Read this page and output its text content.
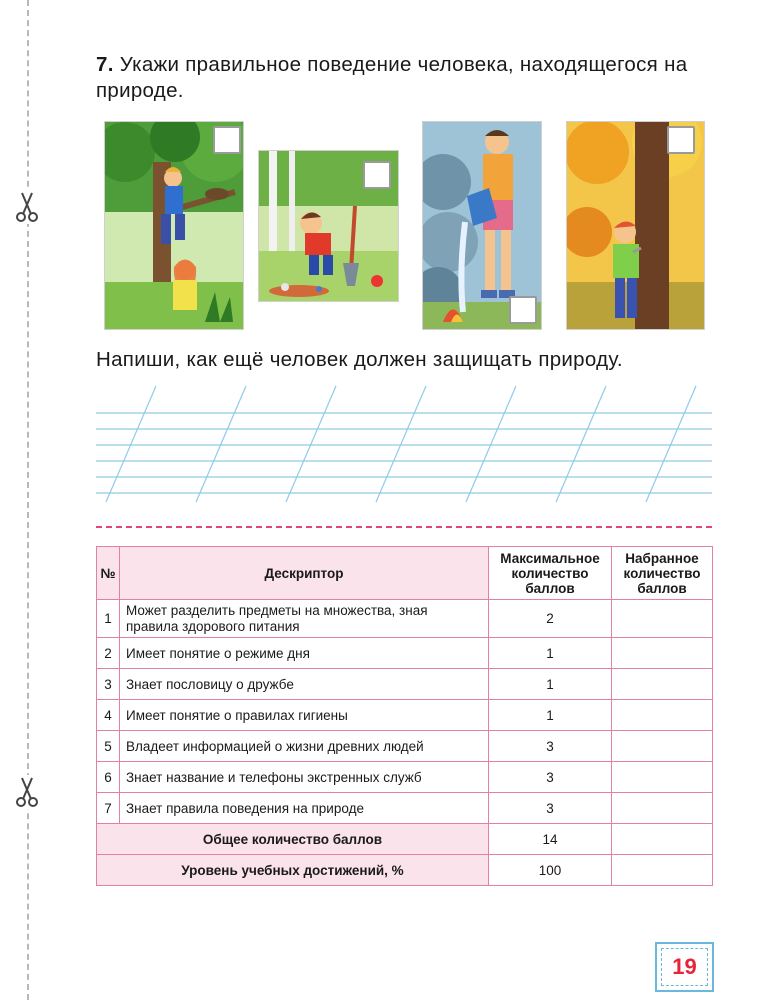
7. Укажи правильное поведение человека, находящегося на природе.
Напиши, как ещё человек должен защищать природу.
№	Дескриптор	Максимальное количество баллов	Набранное количество баллов
1	Может разделить предметы на множества, зная правила здорового питания	2	
2	Имеет понятие о режиме дня	1	
3	Знает пословицу о дружбе	1	
4	Имеет понятие о правилах гигиены	1	
5	Владеет информацией о жизни древних людей	3	
6	Знает название и телефоны экстренных служб	3	
7	Знает правила поведения на природе	3	
Общее количество баллов		14	
Уровень учебных достижений, %		100	
19
